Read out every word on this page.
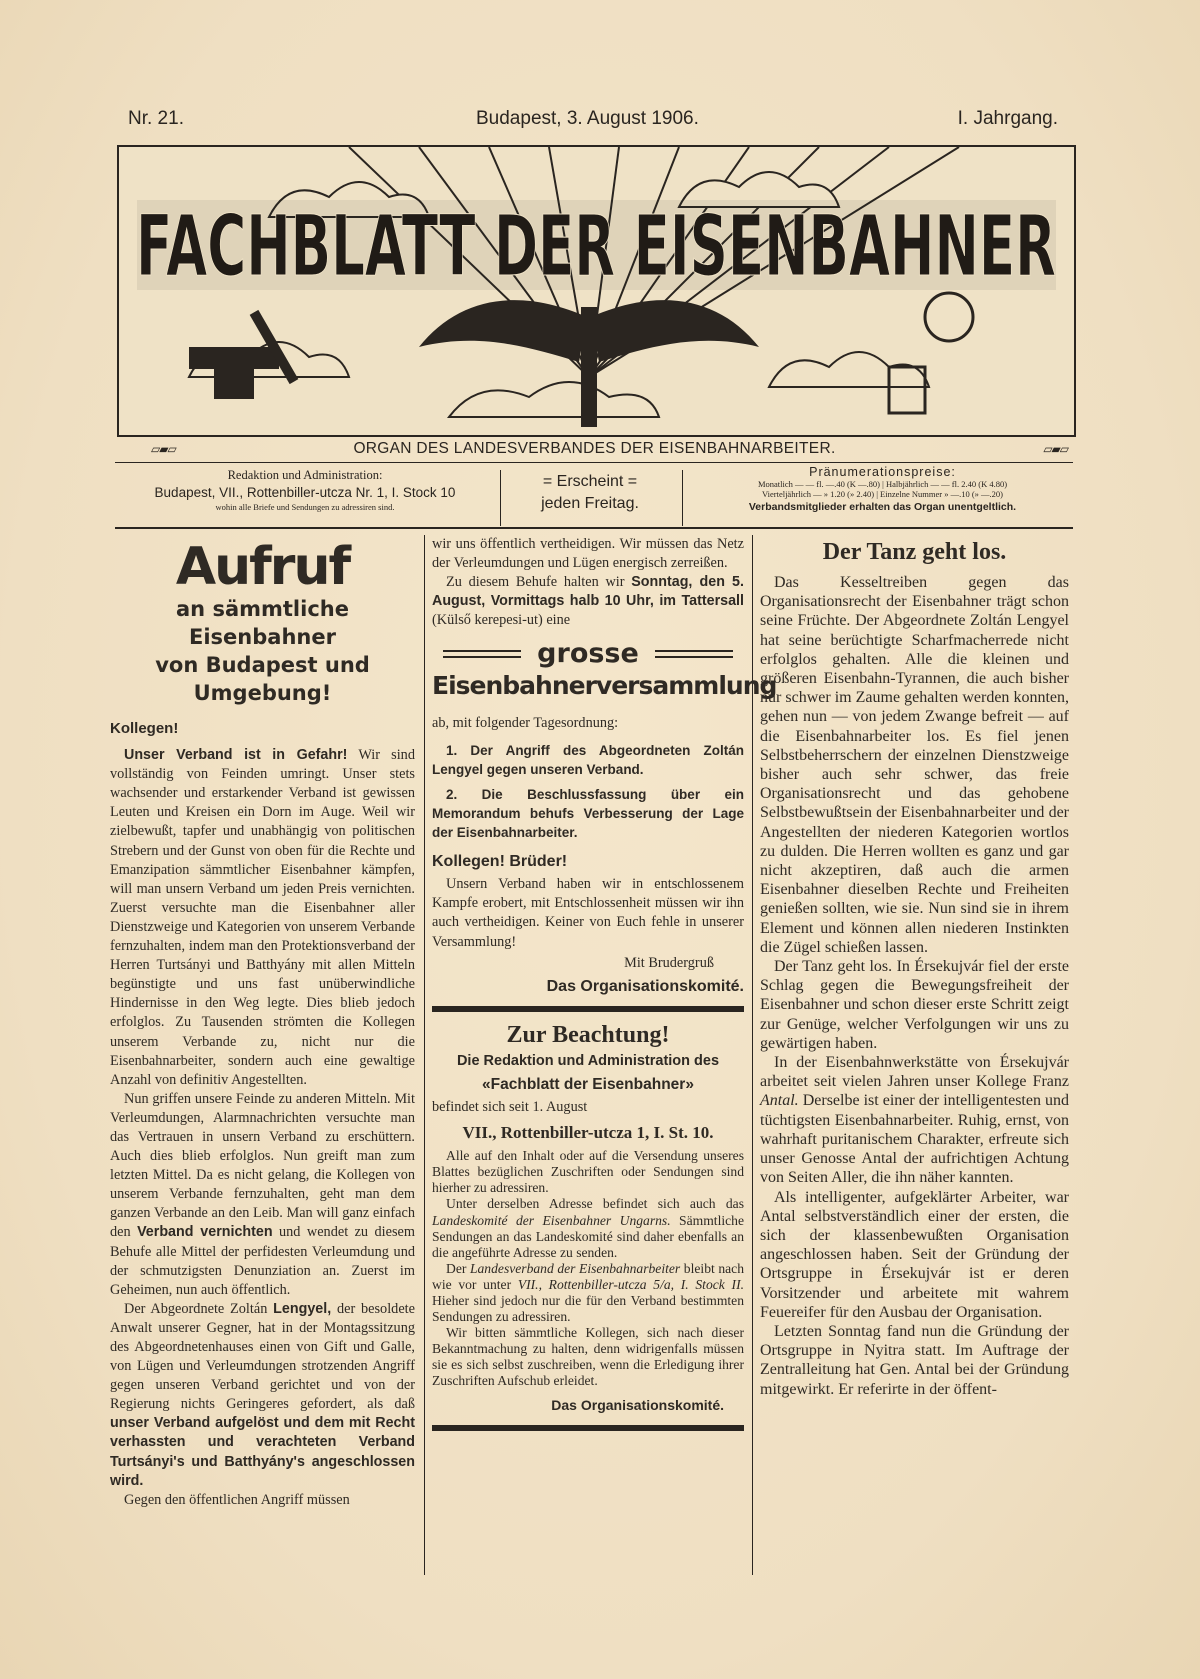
Nr. 21.	Budapest, 3. August 1906.	I. Jahrgang.
FACHBLATT DER EISENBAHNER
▱▰▱	ORGAN DES LANDESVERBANDES DER EISENBAHNARBEITER.	▱▰▱
Redaktion und Administration:
Budapest, VII., Rottenbiller-utcza Nr. 1, I. Stock 10
wohin alle Briefe und Sendungen zu adressiren sind.
= Erscheint =
jeden Freitag.
Pränumerationspreise:
Monatlich — — fl. —.40 (K —.80) | Halbjährlich — — fl. 2.40 (K 4.80)
Vierteljährlich — » 1.20 (» 2.40) | Einzelne Nummer » —.10 (» —.20)
Verbandsmitglieder erhalten das Organ unentgeltlich.
Aufruf
an sämmtliche Eisenbahner
von Budapest und Umgebung!
Kollegen!

Unser Verband ist in Gefahr! Wir sind vollständig von Feinden umringt. Unser stets wachsender und erstarkender Verband ist gewissen Leuten und Kreisen ein Dorn im Auge. Weil wir zielbewußt, tapfer und unabhängig von politischen Strebern und der Gunst von oben für die Rechte und Emanzipation sämmtlicher Eisenbahner kämpfen, will man unsern Verband um jeden Preis vernichten. Zuerst versuchte man die Eisenbahner aller Dienstzweige und Kategorien von unserem Verbande fernzuhalten, indem man den Protektionsverband der Herren Turtsányi und Batthyány mit allen Mitteln begünstigte und uns fast unüberwindliche Hindernisse in den Weg legte. Dies blieb jedoch erfolglos. Zu Tausenden strömten die Kollegen unserem Verbande zu, nicht nur die Eisenbahnarbeiter, sondern auch eine gewaltige Anzahl von definitiv Angestellten.

Nun griffen unsere Feinde zu anderen Mitteln. Mit Verleumdungen, Alarmnachrichten versuchte man das Vertrauen in unsern Verband zu erschüttern. Auch dies blieb erfolglos. Nun greift man zum letzten Mittel. Da es nicht gelang, die Kollegen von unserem Verbande fernzuhalten, geht man dem ganzen Verbande an den Leib. Man will ganz einfach den Verband vernichten und wendet zu diesem Behufe alle Mittel der perfidesten Verleumdung und der schmutzigsten Denunziation an. Zuerst im Geheimen, nun auch öffentlich.

Der Abgeordnete Zoltán Lengyel, der besoldete Anwalt unserer Gegner, hat in der Montagssitzung des Abgeordnetenhauses einen von Gift und Galle, von Lügen und Verleumdungen strotzenden Angriff gegen unseren Verband gerichtet und von der Regierung nichts Geringeres gefordert, als daß unser Verband aufgelöst und dem mit Recht verhassten und verachteten Verband Turtsányi's und Batthyány's angeschlossen wird.

Gegen den öffentlichen Angriff müssen

wir uns öffentlich vertheidigen. Wir müssen das Netz der Verleumdungen und Lügen energisch zerreißen.

Zu diesem Behufe halten wir Sonntag, den 5. August, Vormittags halb 10 Uhr, im Tattersall (Külső kerepesi-ut) eine

grosse
Eisenbahnerversammlung

ab, mit folgender Tagesordnung:

1. Der Angriff des Abgeordneten Zoltán Lengyel gegen unseren Verband.

2. Die Beschlussfassung über ein Memorandum behufs Verbesserung der Lage der Eisenbahnarbeiter.

Kollegen! Brüder!

Unsern Verband haben wir in entschlossenem Kampfe erobert, mit Entschlossenheit müssen wir ihn auch vertheidigen. Keiner von Euch fehle in unserer Versammlung!

Mit Brudergruß
Das Organisationskomité.
Zur Beachtung!
Die Redaktion und Administration des
«Fachblatt der Eisenbahner»
befindet sich seit 1. August
VII., Rottenbiller-utcza 1, I. St. 10.

Alle auf den Inhalt oder auf die Versendung unseres Blattes bezüglichen Zuschriften oder Sendungen sind hierher zu adressiren.

Unter derselben Adresse befindet sich auch das Landeskomité der Eisenbahner Ungarns. Sämmtliche Sendungen an das Landeskomité sind daher ebenfalls an die angeführte Adresse zu senden.

Der Landesverband der Eisenbahnarbeiter bleibt nach wie vor unter VII., Rottenbiller-utcza 5/a, I. Stock II. Hieher sind jedoch nur die für den Verband bestimmten Sendungen zu adressiren.

Wir bitten sämmtliche Kollegen, sich nach dieser Bekanntmachung zu halten, denn widrigenfalls müssen sie es sich selbst zuschreiben, wenn die Erledigung ihrer Zuschriften Aufschub erleidet.

Das Organisationskomité.
Der Tanz geht los.

Das Kesseltreiben gegen das Organisationsrecht der Eisenbahner trägt schon seine Früchte. Der Abgeordnete Zoltán Lengyel hat seine berüchtigte Scharfmacherrede nicht erfolglos gehalten. Alle die kleinen und größeren Eisenbahn-Tyrannen, die auch bisher nur schwer im Zaume gehalten werden konnten, gehen nun — von jedem Zwange befreit — auf die Eisenbahnarbeiter los. Es fiel jenen Selbstbeherrschern der einzelnen Dienstzweige bisher auch sehr schwer, das freie Organisationsrecht und das gehobene Selbstbewußtsein der Eisenbahnarbeiter und der Angestellten der niederen Kategorien wortlos zu dulden. Die Herren wollten es ganz und gar nicht akzeptiren, daß auch die armen Eisenbahner dieselben Rechte und Freiheiten genießen sollten, wie sie. Nun sind sie in ihrem Element und können allen niederen Instinkten die Zügel schießen lassen.

Der Tanz geht los. In Érsekujvár fiel der erste Schlag gegen die Bewegungsfreiheit der Eisenbahner und schon dieser erste Schritt zeigt zur Genüge, welcher Verfolgungen wir uns zu gewärtigen haben.

In der Eisenbahnwerkstätte von Érsekujvár arbeitet seit vielen Jahren unser Kollege Franz Antal. Derselbe ist einer der intelligentesten und tüchtigsten Eisenbahnarbeiter. Ruhig, ernst, von wahrhaft puritanischem Charakter, erfreute sich unser Genosse Antal der aufrichtigen Achtung von Seiten Aller, die ihn näher kannten.

Als intelligenter, aufgeklärter Arbeiter, war Antal selbstverständlich einer der ersten, die sich der klassenbewußten Organisation angeschlossen haben. Seit der Gründung der Ortsgruppe in Érsekujvár ist er deren Vorsitzender und arbeitete mit wahrem Feuereifer für den Ausbau der Organisation.

Letzten Sonntag fand nun die Gründung der Ortsgruppe in Nyitra statt. Im Auftrage der Zentralleitung hat Gen. Antal bei der Gründung mitgewirkt. Er referirte in der öffent-
